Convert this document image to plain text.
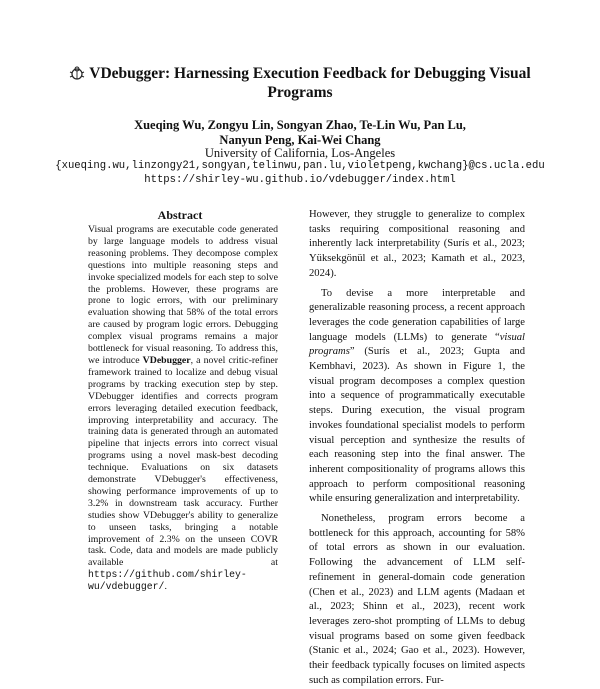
VDebugger: Harnessing Execution Feedback for Debugging Visual
Programs

Xueqing Wu, Zongyu Lin, Songyan Zhao, Te-Lin Wu, Pan Lu,
Nanyun Peng, Kai-Wei Chang
University of California, Los-Angeles
{xueqing.wu,linzongy21,songyan,telinwu,pan.lu,violetpeng,kwchang}@cs.ucla.edu
https://shirley-wu.github.io/vdebugger/index.html
Abstract
Visual programs are executable code generated by large language models to address visual reasoning problems. They decompose complex questions into multiple reasoning steps and invoke specialized models for each step to solve the problems. However, these programs are prone to logic errors, with our preliminary evaluation showing that 58% of the total errors are caused by program logic errors. Debugging complex visual programs remains a major bottleneck for visual reasoning. To address this, we introduce VDebugger, a novel critic-refiner framework trained to localize and debug visual programs by tracking execution step by step. VDebugger identifies and corrects program errors leveraging detailed execution feedback, improving interpretability and accuracy. The training data is generated through an automated pipeline that injects errors into correct visual programs using a novel mask-best decoding technique. Evaluations on six datasets demonstrate VDebugger's effectiveness, showing performance improvements of up to 3.2% in downstream task accuracy. Further studies show VDebugger's ability to generalize to unseen tasks, bringing a notable improvement of 2.3% on the unseen COVR task. Code, data and models are made publicly available at https://github.com/shirley-wu/vdebugger/.

However, they struggle to generalize to complex tasks requiring compositional reasoning and inherently lack interpretability (Surís et al., 2023; Yüksekgönül et al., 2023; Kamath et al., 2023, 2024).

To devise a more interpretable and generalizable reasoning process, a recent approach leverages the code generation capabilities of large language models (LLMs) to generate “visual programs” (Surís et al., 2023; Gupta and Kembhavi, 2023). As shown in Figure 1, the visual program decomposes a complex question into a sequence of programmatically executable steps. During execution, the visual program invokes foundational specialist models to perform visual perception and synthesize the results of each reasoning step into the final answer. The inherent compositionality of programs allows this approach to perform compositional reasoning while ensuring generalization and interpretability.

Nonetheless, program errors become a bottleneck for this approach, accounting for 58% of total errors as shown in our evaluation. Following the advancement of LLM self-refinement in general-domain code generation (Chen et al., 2023) and LLM agents (Madaan et al., 2023; Shinn et al., 2023), recent work leverages zero-shot prompting of LLMs to debug visual programs based on some given feedback (Stanic et al., 2024; Gao et al., 2023). However, their feedback typically focuses on limited aspects such as compilation errors. Fur-
